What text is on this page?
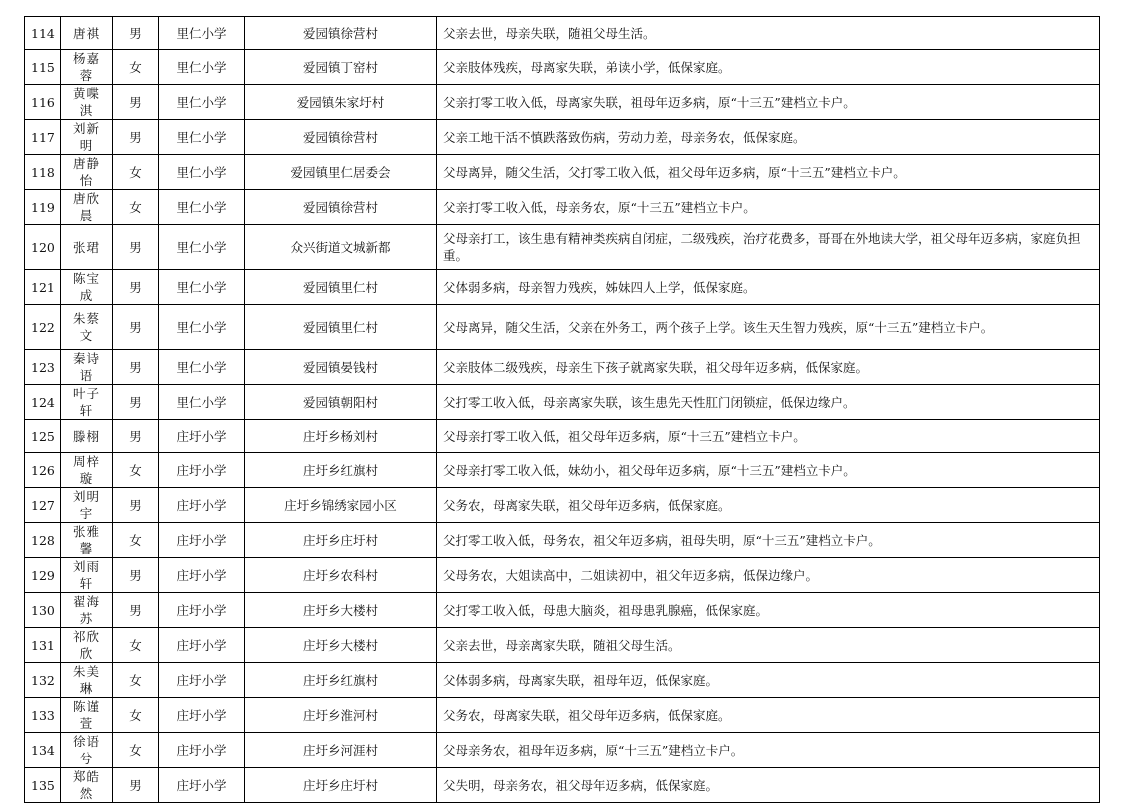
114	唐祺	男	里仁小学	爱园镇徐营村	父亲去世，母亲失联，随祖父母生活。
115	杨嘉蓉	女	里仁小学	爱园镇丁窑村	父亲肢体残疾，母离家失联，弟读小学，低保家庭。
116	黄喋淇	男	里仁小学	爱园镇朱家圩村	父亲打零工收入低，母离家失联，祖母年迈多病，原“十三五”建档立卡户。
117	刘新明	男	里仁小学	爱园镇徐营村	父亲工地干活不慎跌落致伤病，劳动力差，母亲务农，低保家庭。
118	唐静怡	女	里仁小学	爱园镇里仁居委会	父母离异，随父生活，父打零工收入低，祖父母年迈多病，原“十三五”建档立卡户。
119	唐欣晨	女	里仁小学	爱园镇徐营村	父亲打零工收入低，母亲务农，原“十三五”建档立卡户。
120	张珺	男	里仁小学	众兴街道文城新都	父母亲打工，该生患有精神类疾病自闭症，二级残疾，治疗花费多，哥哥在外地读大学，祖父母年迈多病，家庭负担重。
121	陈宝成	男	里仁小学	爱园镇里仁村	父体弱多病，母亲智力残疾，姊妹四人上学，低保家庭。
122	朱蔡文	男	里仁小学	爱园镇里仁村	父母离异，随父生活，父亲在外务工，两个孩子上学。该生天生智力残疾，原“十三五”建档立卡户。
123	秦诗语	男	里仁小学	爱园镇晏钱村	父亲肢体二级残疾，母亲生下孩子就离家失联，祖父母年迈多病，低保家庭。
124	叶子轩	男	里仁小学	爱园镇朝阳村	父打零工收入低，母亲离家失联，该生患先天性肛门闭锁症，低保边缘户。
125	滕栩	男	庄圩小学	庄圩乡杨刘村	父母亲打零工收入低，祖父母年迈多病，原“十三五”建档立卡户。
126	周梓璇	女	庄圩小学	庄圩乡红旗村	父母亲打零工收入低，妹幼小，祖父母年迈多病，原“十三五”建档立卡户。
127	刘明宇	男	庄圩小学	庄圩乡锦绣家园小区	父务农，母离家失联，祖父母年迈多病，低保家庭。
128	张雅馨	女	庄圩小学	庄圩乡庄圩村	父打零工收入低，母务农，祖父年迈多病，祖母失明，原“十三五”建档立卡户。
129	刘雨轩	男	庄圩小学	庄圩乡农科村	父母务农，大姐读高中，二姐读初中，祖父年迈多病，低保边缘户。
130	翟海苏	男	庄圩小学	庄圩乡大楼村	父打零工收入低，母患大脑炎，祖母患乳腺癌，低保家庭。
131	祁欣欣	女	庄圩小学	庄圩乡大楼村	父亲去世，母亲离家失联，随祖父母生活。
132	朱美琳	女	庄圩小学	庄圩乡红旗村	父体弱多病，母离家失联，祖母年迈，低保家庭。
133	陈谨萱	女	庄圩小学	庄圩乡淮河村	父务农，母离家失联，祖父母年迈多病，低保家庭。
134	徐语兮	女	庄圩小学	庄圩乡河涯村	父母亲务农，祖母年迈多病，原“十三五”建档立卡户。
135	郑皓然	男	庄圩小学	庄圩乡庄圩村	父失明，母亲务农，祖父母年迈多病，低保家庭。
